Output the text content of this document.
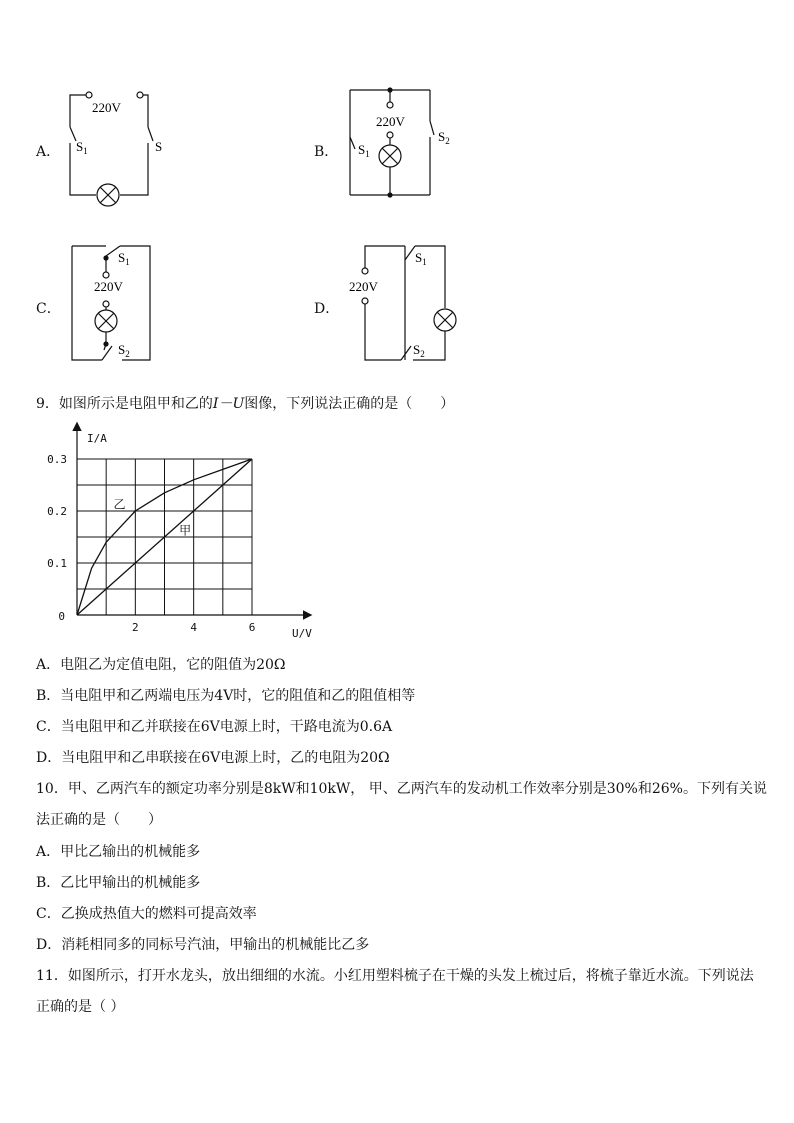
A．
220V
$S_1$	S	B．
220V
$S_1$
$S_2$
C．
$S_1$
220V
$S_2$
D．
220V
$S_1$
$S_2$
9．如图所示是电阻甲和乙的I－U图像，下列说法正确的是（　　）
I/A
U/V
0
2	4	6
0.1
0.2
0.3
乙
甲
A．电阻乙为定值电阻，它的阻值为20Ω
B．当电阻甲和乙两端电压为4V时，它的阻值和乙的阻值相等
C．当电阻甲和乙并联接在6V电源上时，干路电流为0.6A
D．当电阻甲和乙串联接在6V电源上时，乙的电阻为20Ω
10．甲、乙两汽车的额定功率分别是8kW和10kW， 甲、乙两汽车的发动机工作效率分别是30%和26%。下列有关说
法正确的是（　　）
A．甲比乙输出的机械能多
B．乙比甲输出的机械能多
C．乙换成热值大的燃料可提高效率
D．消耗相同多的同标号汽油，甲输出的机械能比乙多
11．如图所示，打开水龙头，放出细细的水流。小红用塑料梳子在干燥的头发上梳过后，将梳子靠近水流。下列说法
正确的是（ ）
